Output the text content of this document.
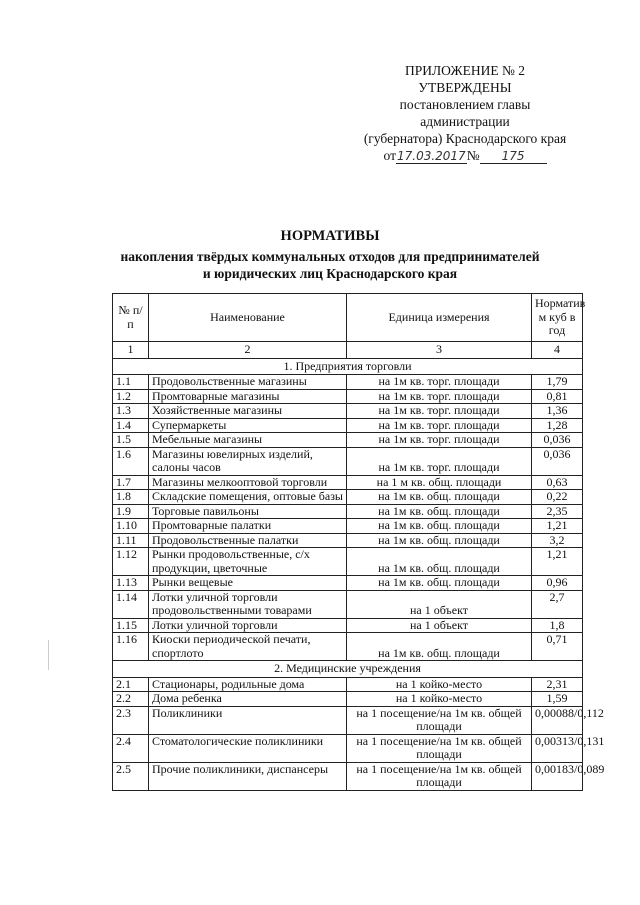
ПРИЛОЖЕНИЕ № 2
УТВЕРЖДЕНЫ
постановлением главы
администрации
(губернатора) Краснодарского края
от17.03.2017№ 175
НОРМАТИВЫ
накопления твёрдых коммунальных отходов для предпринимателей
и юридических лиц Краснодарского края
№ п/п	Наименование	Единица измерения	Норматив м куб в год
1	2	3	4
1. Предприятия торговли			
1.1	Продовольственные магазины	на 1м кв. торг. площади	1,79
1.2	Промтоварные магазины	на 1м кв. торг. площади	0,81
1.3	Хозяйственные магазины	на 1м кв. торг. площади	1,36
1.4	Супермаркеты	на 1м кв. торг. площади	1,28
1.5	Мебельные магазины	на 1м кв. торг. площади	0,036
1.6	Магазины ювелирных изделий, салоны часов	на 1м кв. торг. площади	0,036
1.7	Магазины мелкооптовой торговли	на 1 м кв. общ. площади	0,63
1.8	Складские помещения, оптовые базы	на 1м кв. общ. площади	0,22
1.9	Торговые павильоны	на 1м кв. общ. площади	2,35
1.10	Промтоварные палатки	на 1м кв. общ. площади	1,21
1.11	Продовольственные палатки	на 1м кв. общ. площади	3,2
1.12	Рынки продовольственные, с/х продукции, цветочные	на 1м кв. общ. площади	1,21
1.13	Рынки вещевые	на 1м кв. общ. площади	0,96
1.14	Лотки уличной торговли продовольственными товарами	на 1 объект	2,7
1.15	Лотки уличной торговли	на 1 объект	1,8
1.16	Киоски периодической печати, спортлото	на 1м кв. общ. площади	0,71
2. Медицинские учреждения			
2.1	Стационары, родильные дома	на 1 койко-место	2,31
2.2	Дома ребенка	на 1 койко-место	1,59
2.3	Поликлиники	на 1 посещение/на 1м кв. общей площади	0,00088/0,112
2.4	Стоматологические поликлиники	на 1 посещение/на 1м кв. общей площади	0,00313/0,131
2.5	Прочие поликлиники, диспансеры	на 1 посещение/на 1м кв. общей площади	0,00183/0,089
